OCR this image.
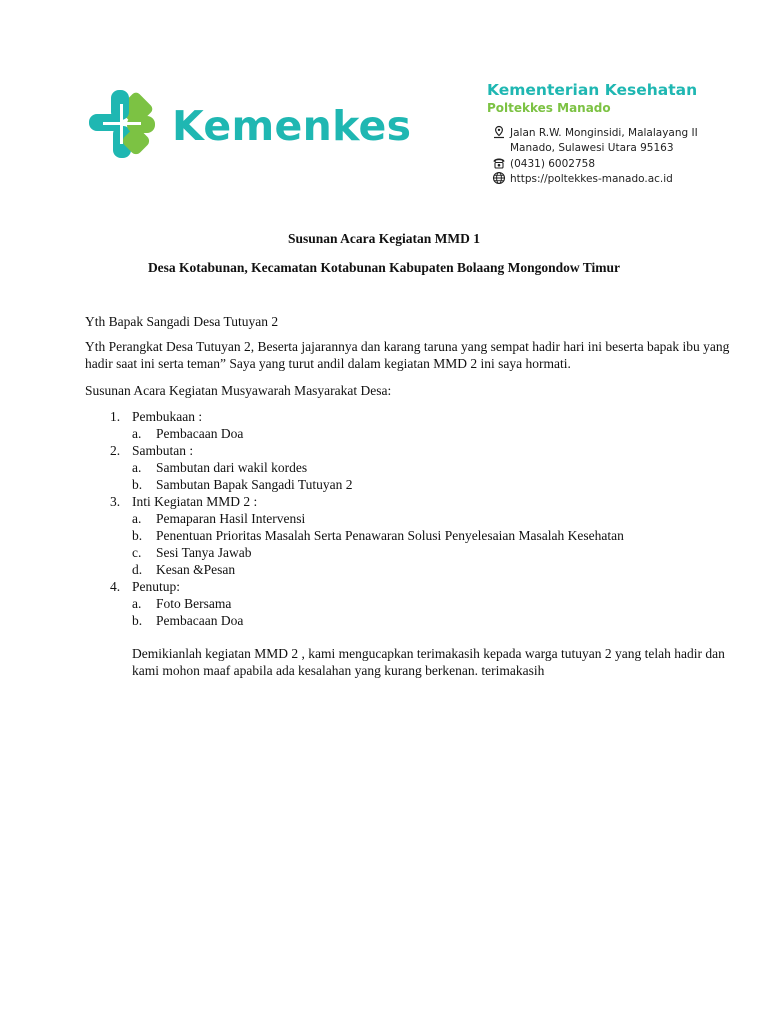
Kemenkes
Kementerian Kesehatan
Poltekkes Manado
Jalan R.W. Monginsidi, Malalayang II
Manado, Sulawesi Utara 95163
(0431) 6002758
https://poltekkes-manado.ac.id
Susunan Acara Kegiatan MMD 1
Desa Kotabunan, Kecamatan Kotabunan Kabupaten Bolaang Mongondow Timur
Yth Bapak Sangadi Desa Tutuyan 2
Yth Perangkat Desa Tutuyan 2, Beserta jajarannya dan karang taruna yang sempat hadir hari ini beserta bapak ibu yang hadir saat ini serta teman” Saya yang turut andil dalam kegiatan MMD 2 ini saya hormati.
Susunan Acara Kegiatan Musyawarah Masyarakat Desa:
1. Pembukaan :
a. Pembacaan Doa
2. Sambutan :
a. Sambutan dari wakil kordes
b. Sambutan Bapak Sangadi Tutuyan 2
3. Inti Kegiatan MMD 2 :
a. Pemaparan Hasil Intervensi
b. Penentuan Prioritas Masalah Serta Penawaran Solusi Penyelesaian Masalah Kesehatan
c. Sesi Tanya Jawab
d. Kesan &Pesan
4. Penutup:
a. Foto Bersama
b. Pembacaan Doa
Demikianlah kegiatan MMD 2 , kami mengucapkan terimakasih kepada warga tutuyan 2 yang telah hadir dan kami mohon maaf apabila ada kesalahan yang kurang berkenan. terimakasih
